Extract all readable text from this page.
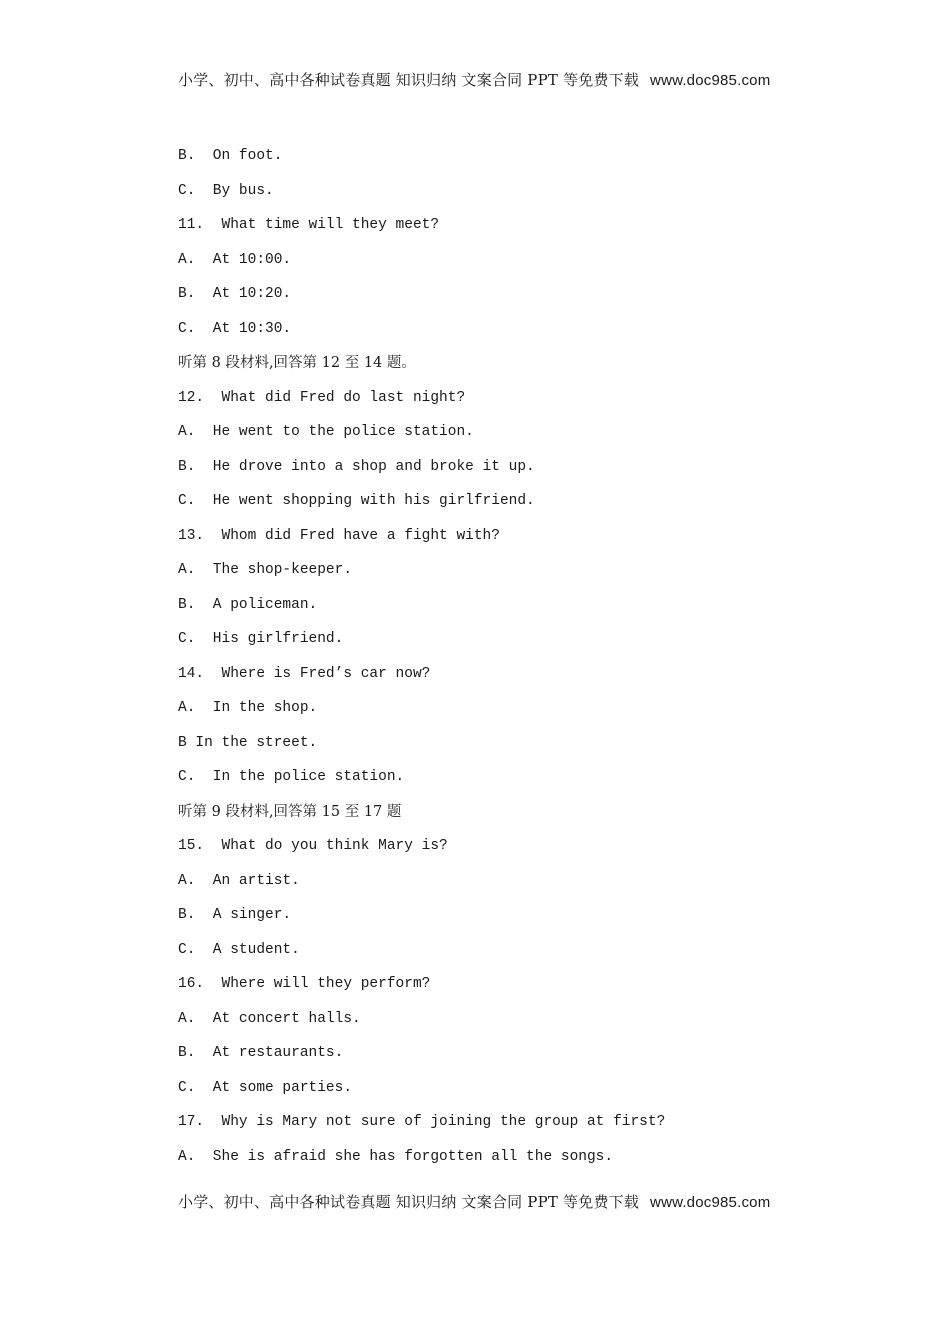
小学、初中、高中各种试卷真题 知识归纳 文案合同 PPT 等免费下载 www.doc985.com
B.  On foot.
C.  By bus.
11.  What time will they meet?
A.  At 10:00.
B.  At 10:20.
C.  At 10:30.
听第 8 段材料,回答第 12 至 14 题。
12.  What did Fred do last night?
A.  He went to the police station.
B.  He drove into a shop and broke it up.
C.  He went shopping with his girlfriend.
13.  Whom did Fred have a fight with?
A.  The shop-keeper.
B.  A policeman.
C.  His girlfriend.
14.  Where is Fred’s car now?
A.  In the shop.
B In the street.
C.  In the police station.
听第 9 段材料,回答第 15 至 17 题
15.  What do you think Mary is?
A.  An artist.
B.  A singer.
C.  A student.
16.  Where will they perform?
A.  At concert halls.
B.  At restaurants.
C.  At some parties.
17.  Why is Mary not sure of joining the group at first?
A.  She is afraid she has forgotten all the songs.
小学、初中、高中各种试卷真题 知识归纳 文案合同 PPT 等免费下载 www.doc985.com
